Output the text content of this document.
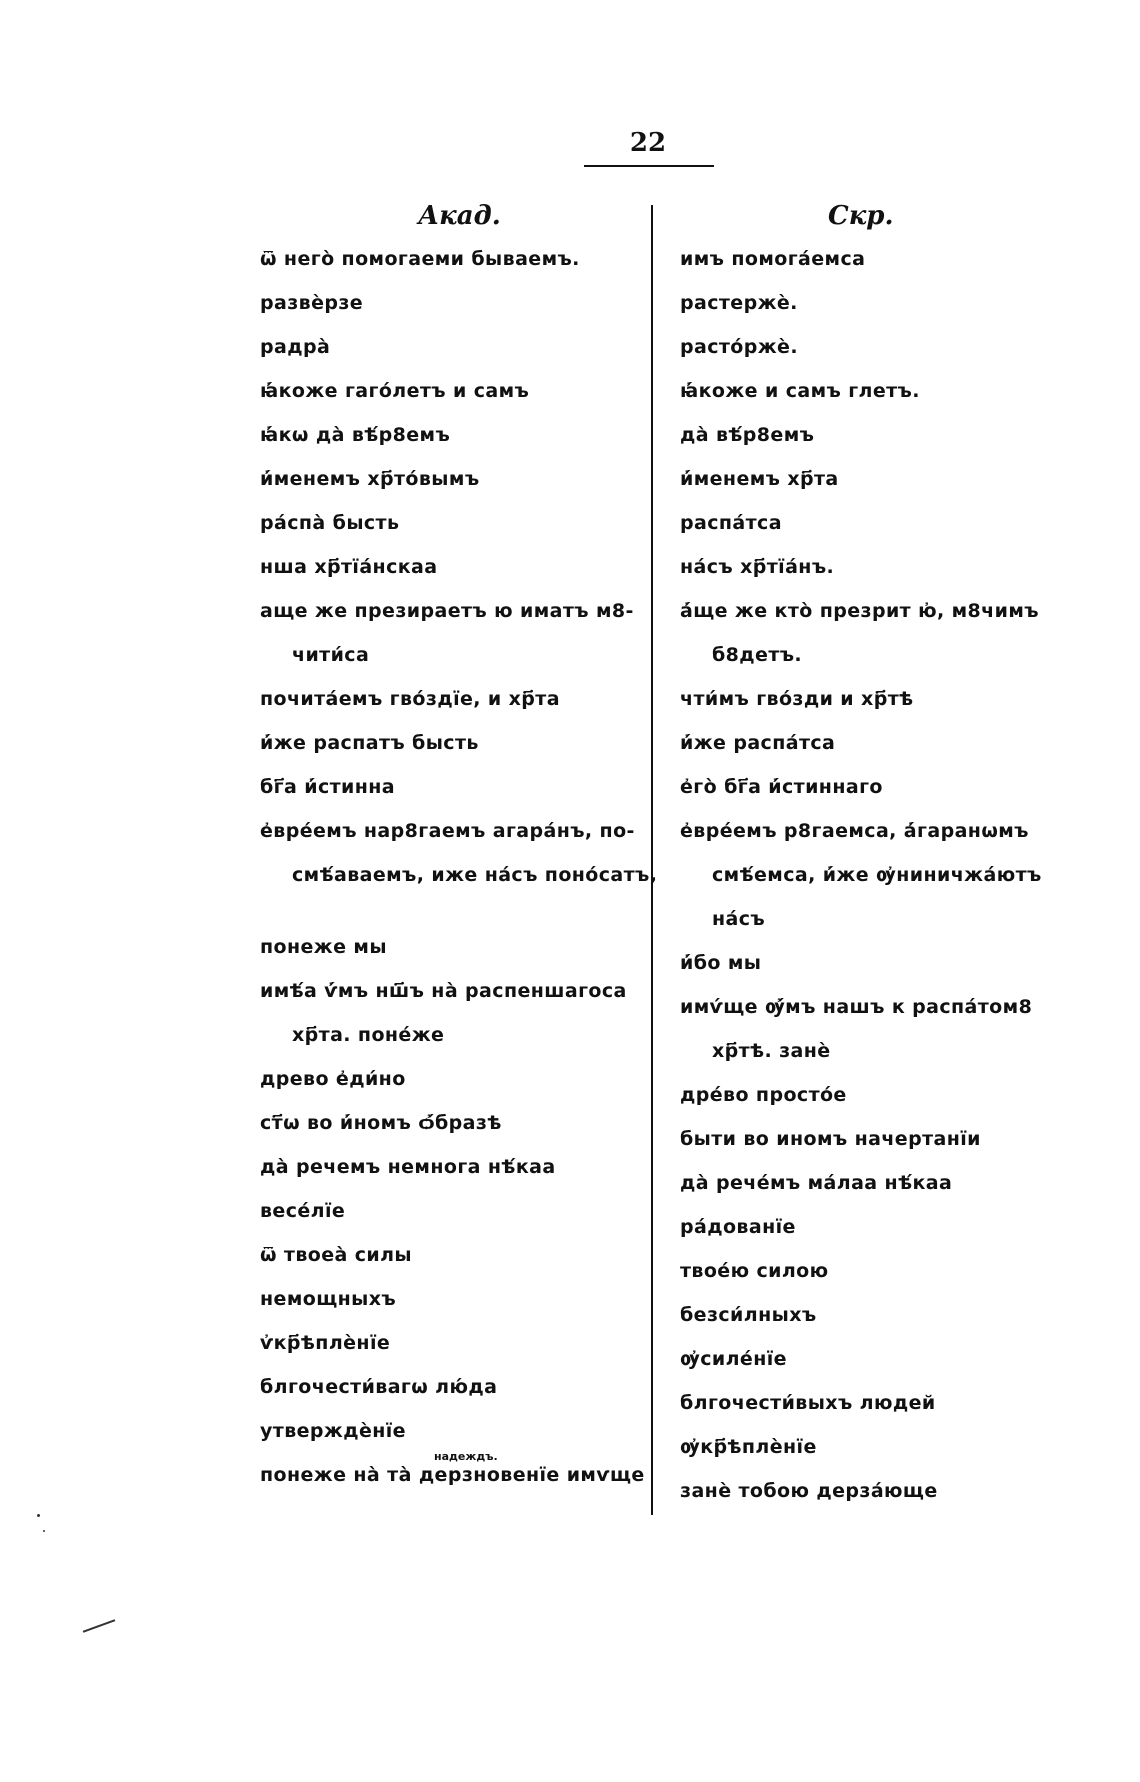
22
Акад.
ѿ него̀ помогаеми бываемъ.
развѐрзе
радра̀
ꙗ҆́коже гаго́летъ и самъ
ꙗ҆́кѡ да̀ вѣ́р8емъ
и҆́менемъ хр҃то́вымъ
ра́спа̀ бысть
нша хр҃тїа́нскаа
аще же презираетъ ю иматъ м8-
чити́са
почита́емъ гво́здїе, и хр҃та
и҆́же распатъ бысть
бг҃а и҆́стинна
е҆вре́емъ нар8гаемъ агара́нъ, по-
смѣ́аваемъ, иже на́съ поно́сатъ,
понеже мы
имѣ́а ѵ҆́мъ нш҃ъ на̀ распеншагоса
хр҃та. поне́же
древо е҆ди́но
ст҃ѡ во и҆́номъ ѻ҆́бразѣ
да̀ речемъ немнога нѣ́каа
весе́лїе
ѿ твоеа̀ силы
немощныхъ
ѵ҆кр҃ѣплѐнїе
блгочести́вагѡ лю́да
утверждѐнїе
надеждъ.
понеже на̀ та̀ дерзновенїе имѵще
Скр.
имъ помога́емса
растержѐ.
расто́ржѐ.
ꙗ҆́коже и самъ глетъ.
да̀ вѣ́р8емъ
и҆́менемъ хр҃та
распа́тса
на́съ хр҃тїа́нъ.
а҆́ще же кто̀ презрит ю҆, м8чимъ
б8детъ.
чти́мъ гво́зди и хр҃тѣ
и҆́же распа́тса
е҆го̀ бг҃а и҆́стиннаго
е҆вре́емъ р8гаемса, а҆́гаранѡмъ
смѣ́емса, и҆́же ѹ҆ниничжа́ютъ
на́съ
и҆́бо мы
имѵ́ще ѹ҆́мъ нашъ к распа́том8
хр҃тѣ. занѐ
дре́во просто́е
быти во иномъ начертанїи
да̀ рече́мъ ма́лаа нѣ́каа
ра́дованїе
твое́ю силою
безси́лныхъ
ѹ҆силе́нїе
блгочести́выхъ людей
ѹ҆кр҃ѣплѐнїе
занѐ тобою дерза́юще
